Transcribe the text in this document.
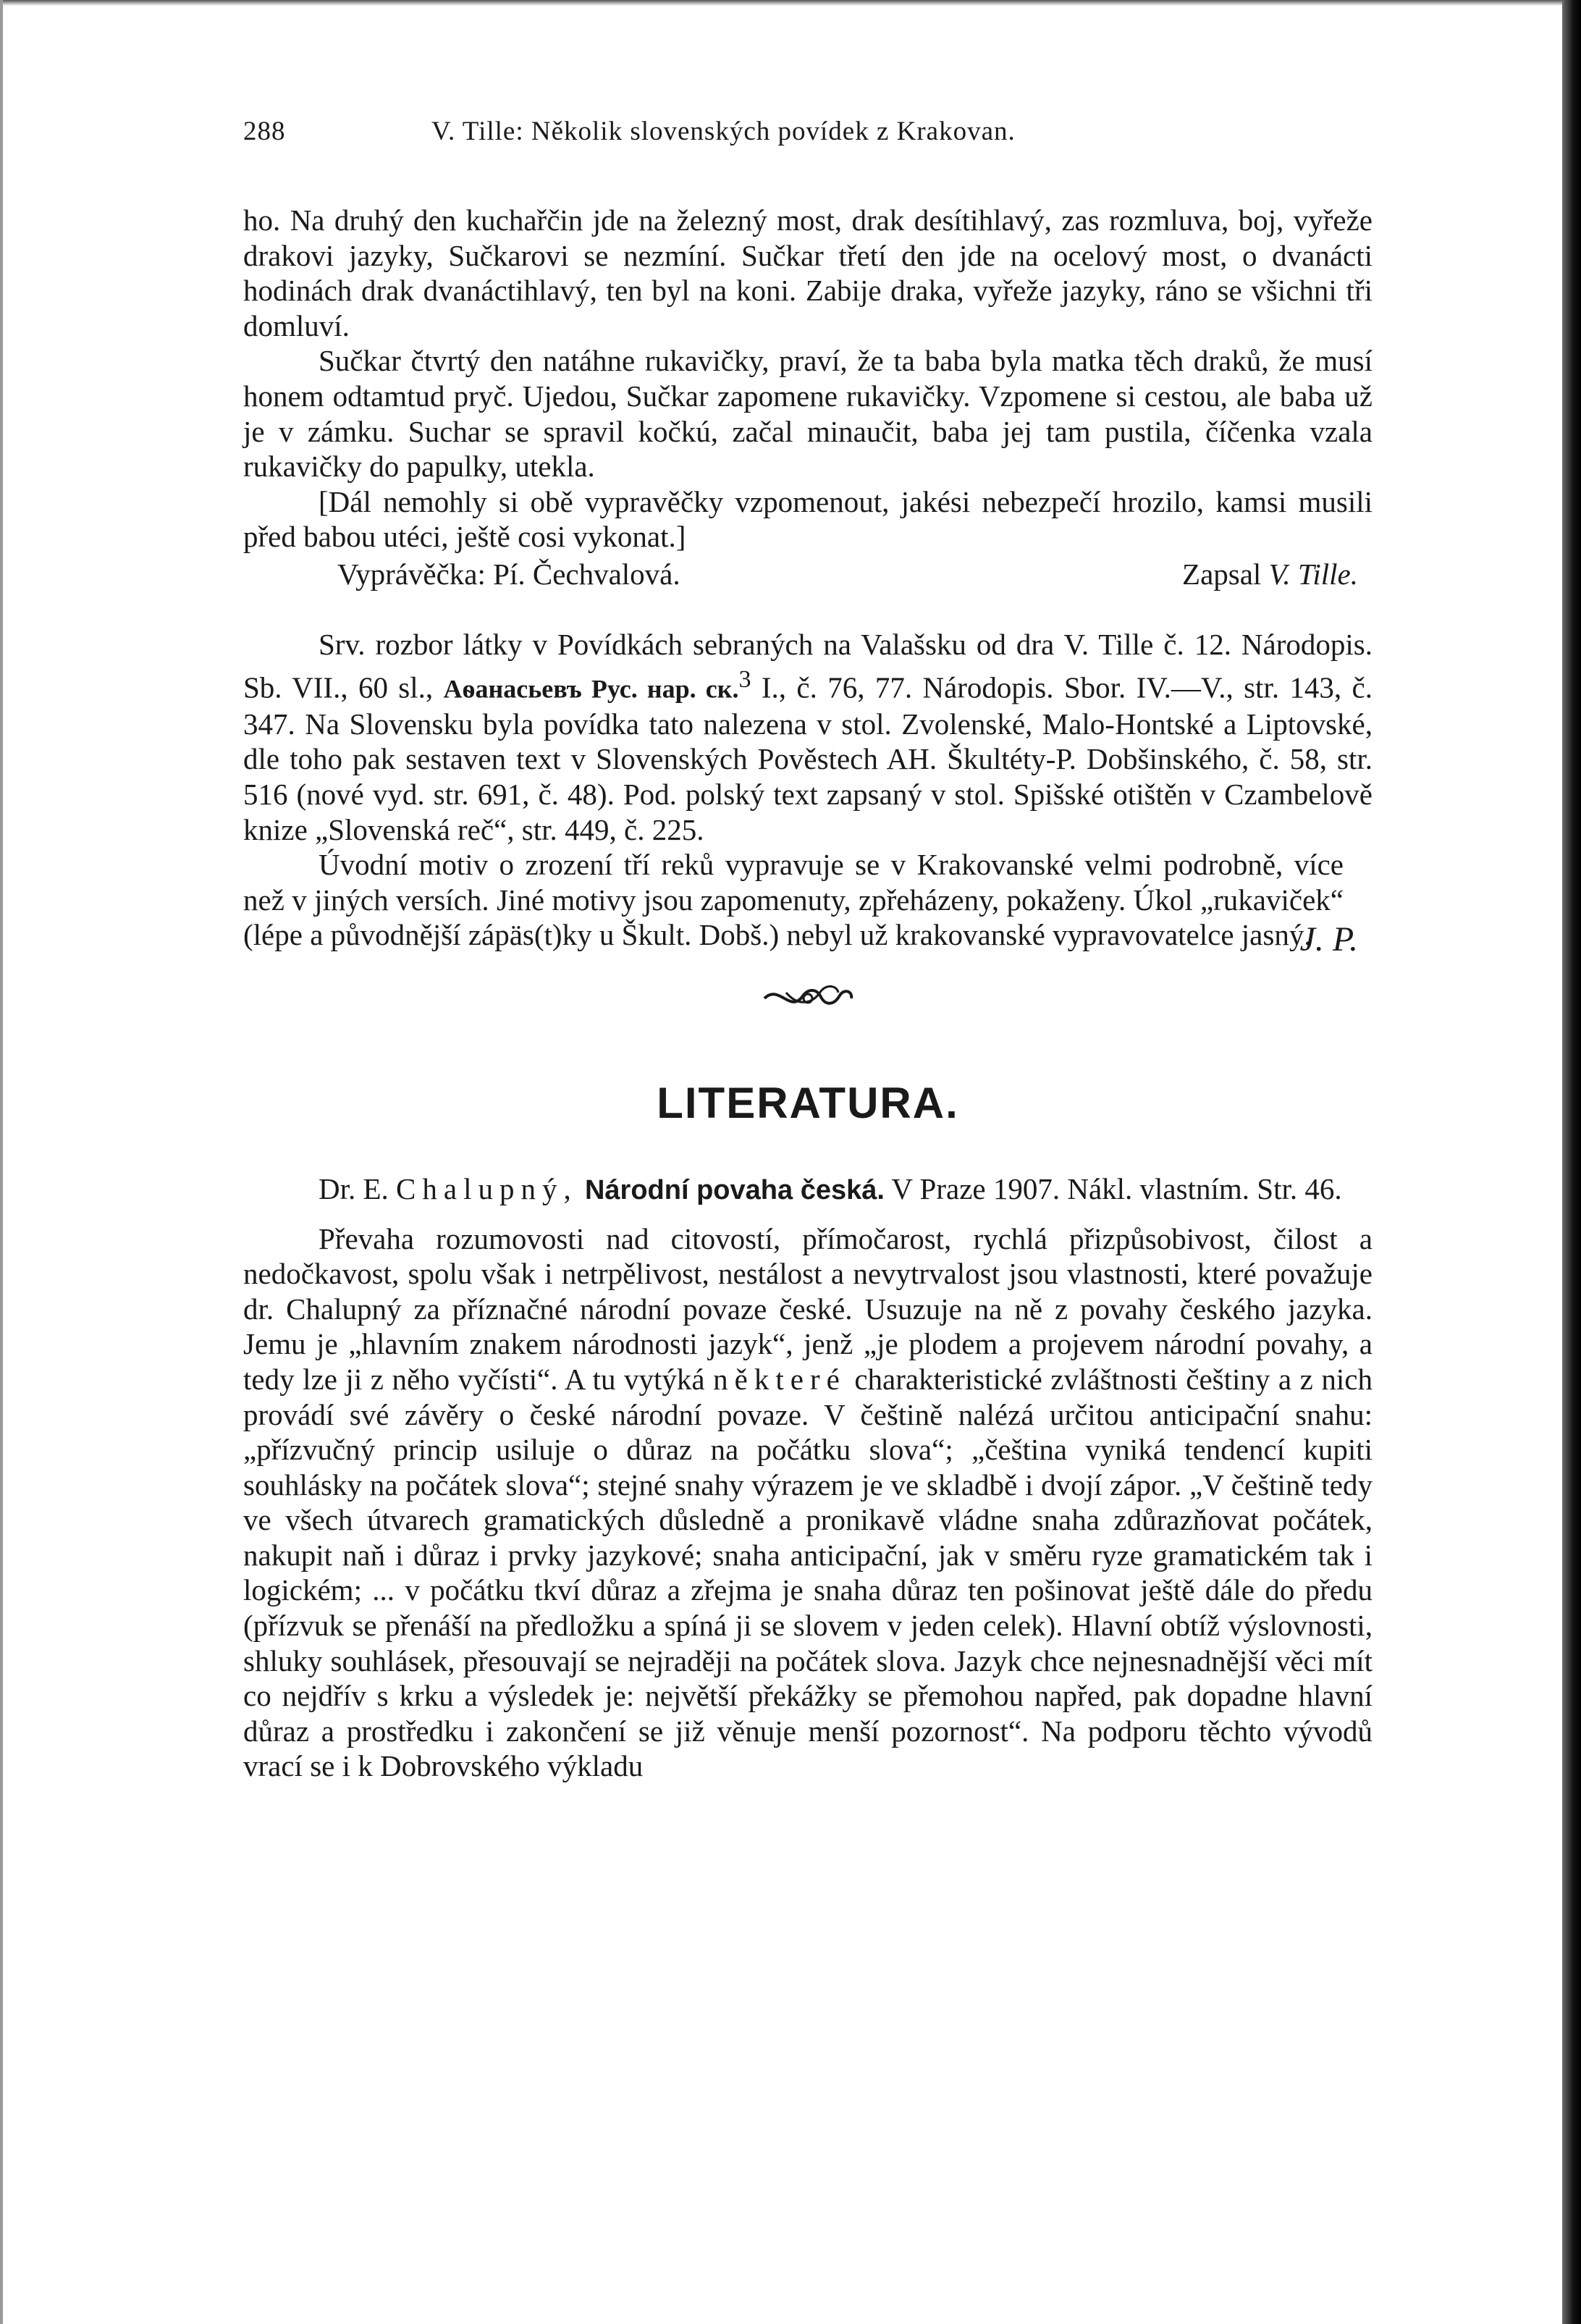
288	V. Tille: Několik slovenských povídek z Krakovan.

ho. Na druhý den kuchařčin jde na železný most, drak desítihlavý, zas rozmluva, boj, vyřeže drakovi jazyky, Sučkarovi se nezmíní. Sučkar třetí den jde na ocelový most, o dvanácti hodinách drak dvanáctihlavý, ten byl na koni. Zabije draka, vyřeže jazyky, ráno se všichni tři domluví.

Sučkar čtvrtý den natáhne rukavičky, praví, že ta baba byla matka těch draků, že musí honem odtamtud pryč. Ujedou, Sučkar zapomene rukavičky. Vzpomene si cestou, ale baba už je v zámku. Suchar se spravil kočkú, začal minaučit, baba jej tam pustila, číčenka vzala rukavičky do papulky, utekla.

[Dál nemohly si obě vypravěčky vzpomenout, jakési nebezpečí hrozilo, kamsi musili před babou utéci, ještě cosi vykonat.]

Vyprávěčka: Pí. Čechvalová.	Zapsal V. Tille.

Srv. rozbor látky v Povídkách sebraných na Valašsku od dra V. Tille č. 12. Národopis. Sb. VII., 60 sl., Аѳанасьевъ Рус. нар. ск.$^3$ I., č. 76, 77. Národopis. Sbor. IV.—V., str. 143, č. 347. Na Slovensku byla povídka tato nalezena v stol. Zvolenské, Malo-Hontské a Liptovské, dle toho pak sestaven text v Slovenských Pověstech AH. Škultéty-P. Dobšinského, č. 58, str. 516 (nové vyd. str. 691, č. 48). Pod. polský text zapsaný v stol. Spišské otištěn v Czambelově knize „Slovenská reč“, str. 449, č. 225.

Úvodní motiv o zrození tří reků vypravuje se v Krakovanské velmi podrobně, více než v jiných versích. Jiné motivy jsou zapomenuty, zpřeházeny, pokaženy. Úkol „rukaviček“ (lépe a původnější zápäs(t)ky u Škult. Dobš.) nebyl už krakovanské vypravovatelce jasný.

J. P.
LITERATURA.

Dr. E. Chalupný, Národní povaha česká. V Praze 1907. Nákl. vlastním. Str. 46.

Převaha rozumovosti nad citovostí, přímočarost, rychlá přizpůsobivost, čilost a nedočkavost, spolu však i netrpělivost, nestálost a nevytrvalost jsou vlastnosti, které považuje dr. Chalupný za příznačné národní povaze české. Usuzuje na ně z povahy českého jazyka. Jemu je „hlavním znakem národnosti jazyk“, jenž „je plodem a projevem národní povahy, a tedy lze ji z něho vyčísti“. A tu vytýká některé charakteristické zvláštnosti češtiny a z nich provádí své závěry o české národní povaze. V češtině nalézá určitou anticipační snahu: „přízvučný princip usiluje o důraz na počátku slova“; „čeština vyniká tendencí kupiti souhlásky na počátek slova“; stejné snahy výrazem je ve skladbě i dvojí zápor. „V češtině tedy ve všech útvarech gramatických důsledně a pronikavě vládne snaha zdůrazňovat počátek, nakupit naň i důraz i prvky jazykové; snaha anticipační, jak v směru ryze gramatickém tak i logickém; ... v počátku tkví důraz a zřejma je snaha důraz ten pošinovat ještě dále do předu (přízvuk se přenáší na předložku a spíná ji se slovem v jeden celek). Hlavní obtíž výslovnosti, shluky souhlásek, přesouvají se nejraději na počátek slova. Jazyk chce nejnesnadnější věci mít co nejdřív s krku a výsledek je: největší překážky se přemohou napřed, pak dopadne hlavní důraz a prostředku i zakončení se již věnuje menší pozornost“. Na podporu těchto vývodů vrací se i k Dobrovského výkladu
